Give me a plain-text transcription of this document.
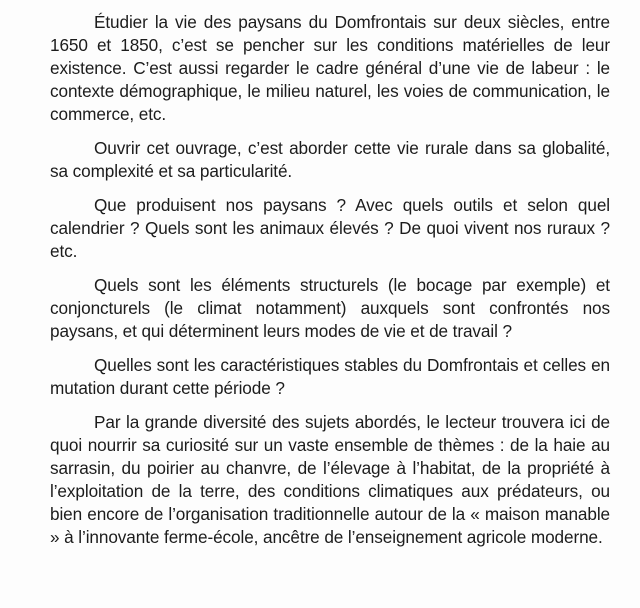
Étudier la vie des paysans du Domfrontais sur deux siècles, entre 1650 et 1850, c’est se pencher sur les conditions matérielles de leur existence. C’est aussi regarder le cadre général d’une vie de labeur : le contexte démographique, le milieu naturel, les voies de communication, le commerce, etc.

Ouvrir cet ouvrage, c’est aborder cette vie rurale dans sa globalité, sa complexité et sa particularité.

Que produisent nos paysans ? Avec quels outils et selon quel calendrier ? Quels sont les animaux élevés ? De quoi vivent nos ruraux ? etc.

Quels sont les éléments structurels (le bocage par exemple) et conjoncturels (le climat notamment) auxquels sont confrontés nos paysans, et qui déterminent leurs modes de vie et de travail ?

Quelles sont les caractéristiques stables du Domfrontais et celles en mutation durant cette période ?

Par la grande diversité des sujets abordés, le lecteur trouvera ici de quoi nourrir sa curiosité sur un vaste ensemble de thèmes : de la haie au sarrasin, du poirier au chanvre, de l’élevage à l’habitat, de la propriété à l’exploitation de la terre, des conditions climatiques aux prédateurs, ou bien encore de l’organisation traditionnelle autour de la « maison manable » à l’innovante ferme-école, ancêtre de l’enseignement agricole moderne.
